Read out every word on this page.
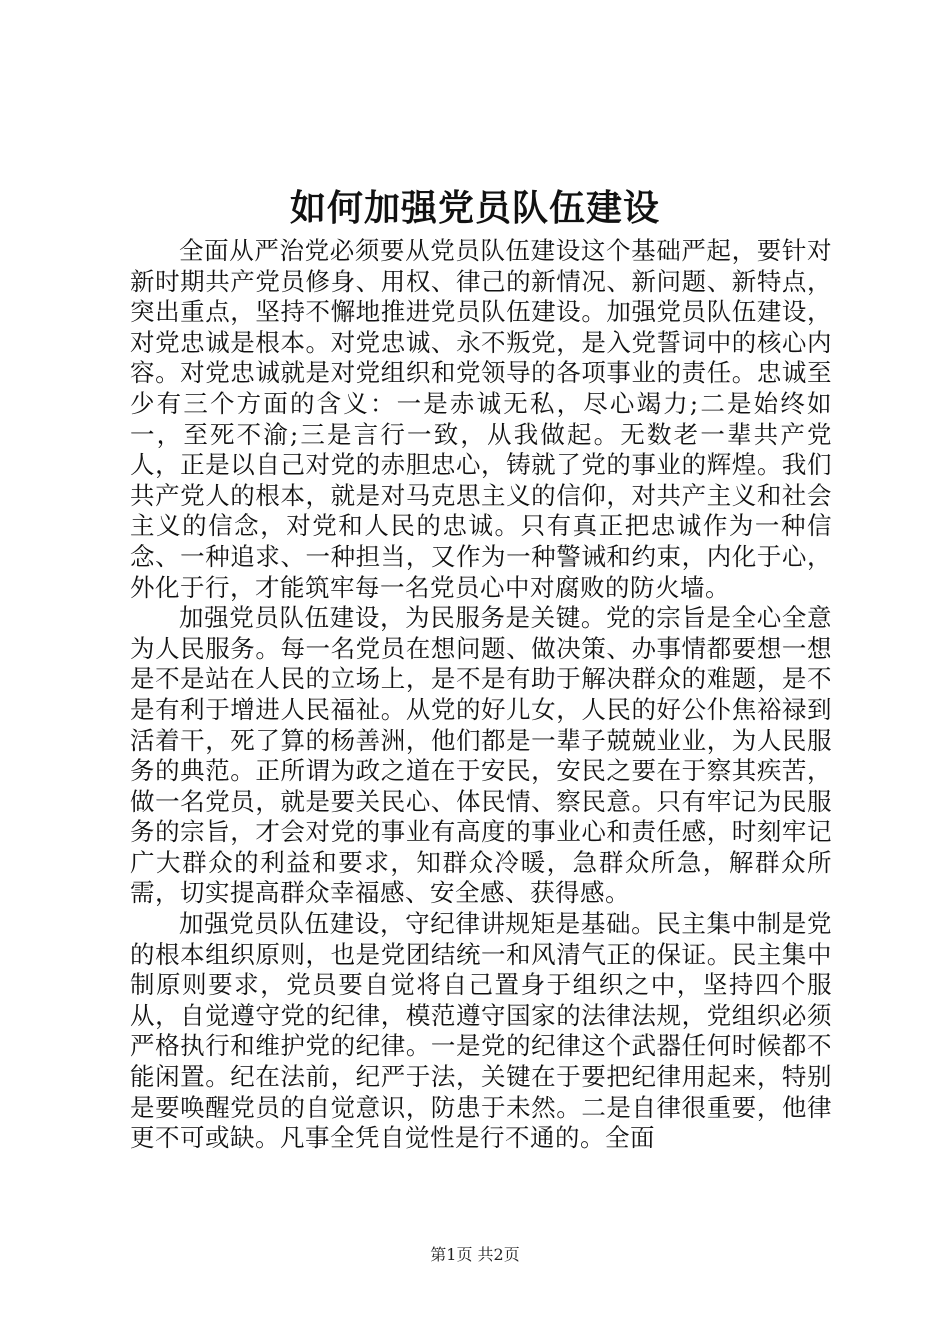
如何加强党员队伍建设

全面从严治党必须要从党员队伍建设这个基础严起，要针对新时期共产党员修身、用权、律己的新情况、新问题、新特点，突出重点，坚持不懈地推进党员队伍建设。加强党员队伍建设，对党忠诚是根本。对党忠诚、永不叛党，是入党誓词中的核心内容。对党忠诚就是对党组织和党领导的各项事业的责任。忠诚至少有三个方面的含义：一是赤诚无私，尽心竭力;二是始终如一，至死不渝;三是言行一致，从我做起。无数老一辈共产党人，正是以自己对党的赤胆忠心，铸就了党的事业的辉煌。我们共产党人的根本，就是对马克思主义的信仰，对共产主义和社会主义的信念，对党和人民的忠诚。只有真正把忠诚作为一种信念、一种追求、一种担当，又作为一种警诫和约束，内化于心，外化于行，才能筑牢每一名党员心中对腐败的防火墙。

加强党员队伍建设，为民服务是关键。党的宗旨是全心全意为人民服务。每一名党员在想问题、做决策、办事情都要想一想是不是站在人民的立场上，是不是有助于解决群众的难题，是不是有利于增进人民福祉。从党的好儿女，人民的好公仆焦裕禄到活着干，死了算的杨善洲，他们都是一辈子兢兢业业，为人民服务的典范。正所谓为政之道在于安民，安民之要在于察其疾苦，做一名党员，就是要关民心、体民情、察民意。只有牢记为民服务的宗旨，才会对党的事业有高度的事业心和责任感，时刻牢记广大群众的利益和要求，知群众冷暖，急群众所急，解群众所需，切实提高群众幸福感、安全感、获得感。

加强党员队伍建设，守纪律讲规矩是基础。民主集中制是党的根本组织原则，也是党团结统一和风清气正的保证。民主集中制原则要求，党员要自觉将自己置身于组织之中，坚持四个服从，自觉遵守党的纪律，模范遵守国家的法律法规，党组织必须严格执行和维护党的纪律。一是党的纪律这个武器任何时候都不能闲置。纪在法前，纪严于法，关键在于要把纪律用起来，特别是要唤醒党员的自觉意识，防患于未然。二是自律很重要，他律更不可或缺。凡事全凭自觉性是行不通的。全面

第1页 共2页
